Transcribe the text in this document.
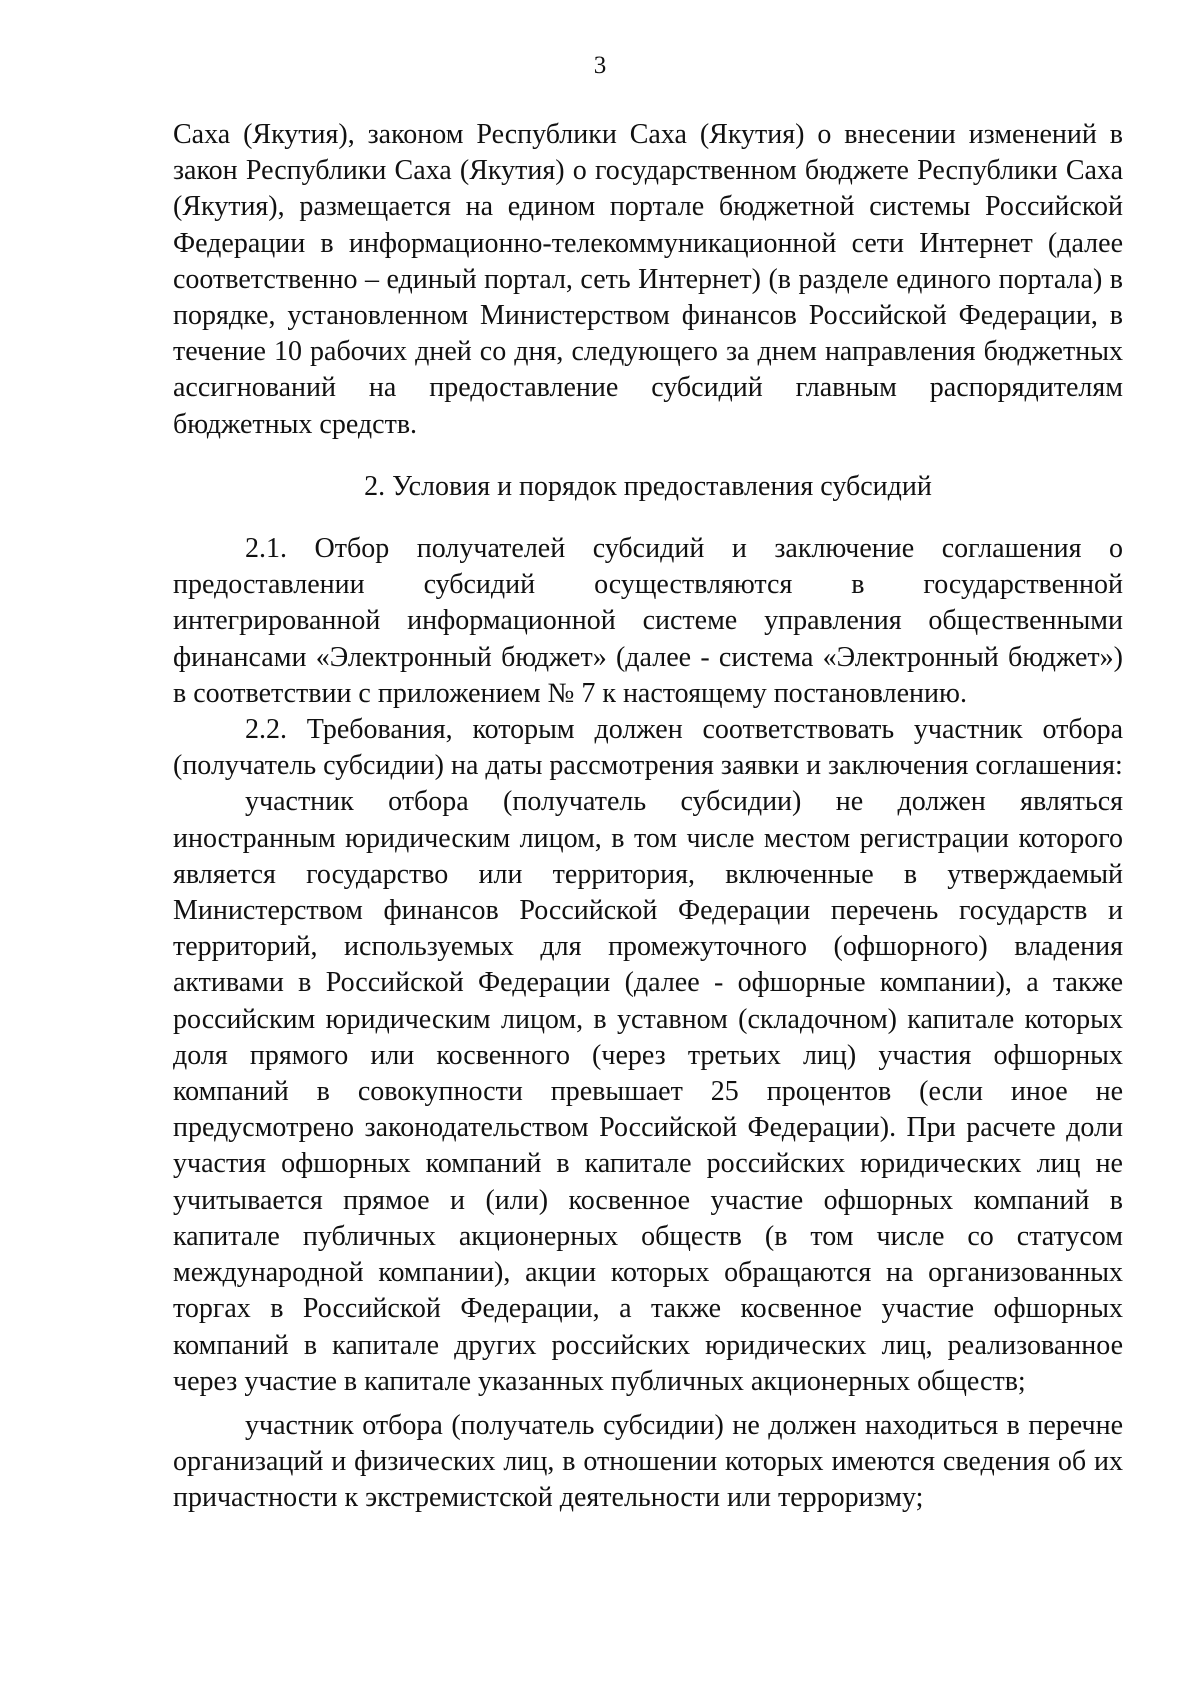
3

Саха (Якутия), законом Республики Саха (Якутия) о внесении изменений в закон Республики Саха (Якутия) о государственном бюджете Республики Саха (Якутия), размещается на едином портале бюджетной системы Российской Федерации в информационно-телекоммуникационной сети Интернет (далее соответственно – единый портал, сеть Интернет) (в разделе единого портала) в порядке, установленном Министерством финансов Российской Федерации, в течение 10 рабочих дней со дня, следующего за днем направления бюджетных ассигнований на предоставление субсидий главным распорядителям бюджетных средств.

2. Условия и порядок предоставления субсидий

2.1. Отбор получателей субсидий и заключение соглашения о предоставлении субсидий осуществляются в государственной интегрированной информационной системе управления общественными финансами «Электронный бюджет» (далее - система «Электронный бюджет») в соответствии с приложением № 7 к настоящему постановлению.

2.2. Требования, которым должен соответствовать участник отбора (получатель субсидии) на даты рассмотрения заявки и заключения соглашения:

участник отбора (получатель субсидии) не должен являться иностранным юридическим лицом, в том числе местом регистрации которого является государство или территория, включенные в утверждаемый Министерством финансов Российской Федерации перечень государств и территорий, используемых для промежуточного (офшорного) владения активами в Российской Федерации (далее - офшорные компании), а также российским юридическим лицом, в уставном (складочном) капитале которых доля прямого или косвенного (через третьих лиц) участия офшорных компаний в совокупности превышает 25 процентов (если иное не предусмотрено законодательством Российской Федерации). При расчете доли участия офшорных компаний в капитале российских юридических лиц не учитывается прямое и (или) косвенное участие офшорных компаний в капитале публичных акционерных обществ (в том числе со статусом международной компании), акции которых обращаются на организованных торгах в Российской Федерации, а также косвенное участие офшорных компаний в капитале других российских юридических лиц, реализованное через участие в капитале указанных публичных акционерных обществ;

участник отбора (получатель субсидии) не должен находиться в перечне организаций и физических лиц, в отношении которых имеются сведения об их причастности к экстремистской деятельности или терроризму;
